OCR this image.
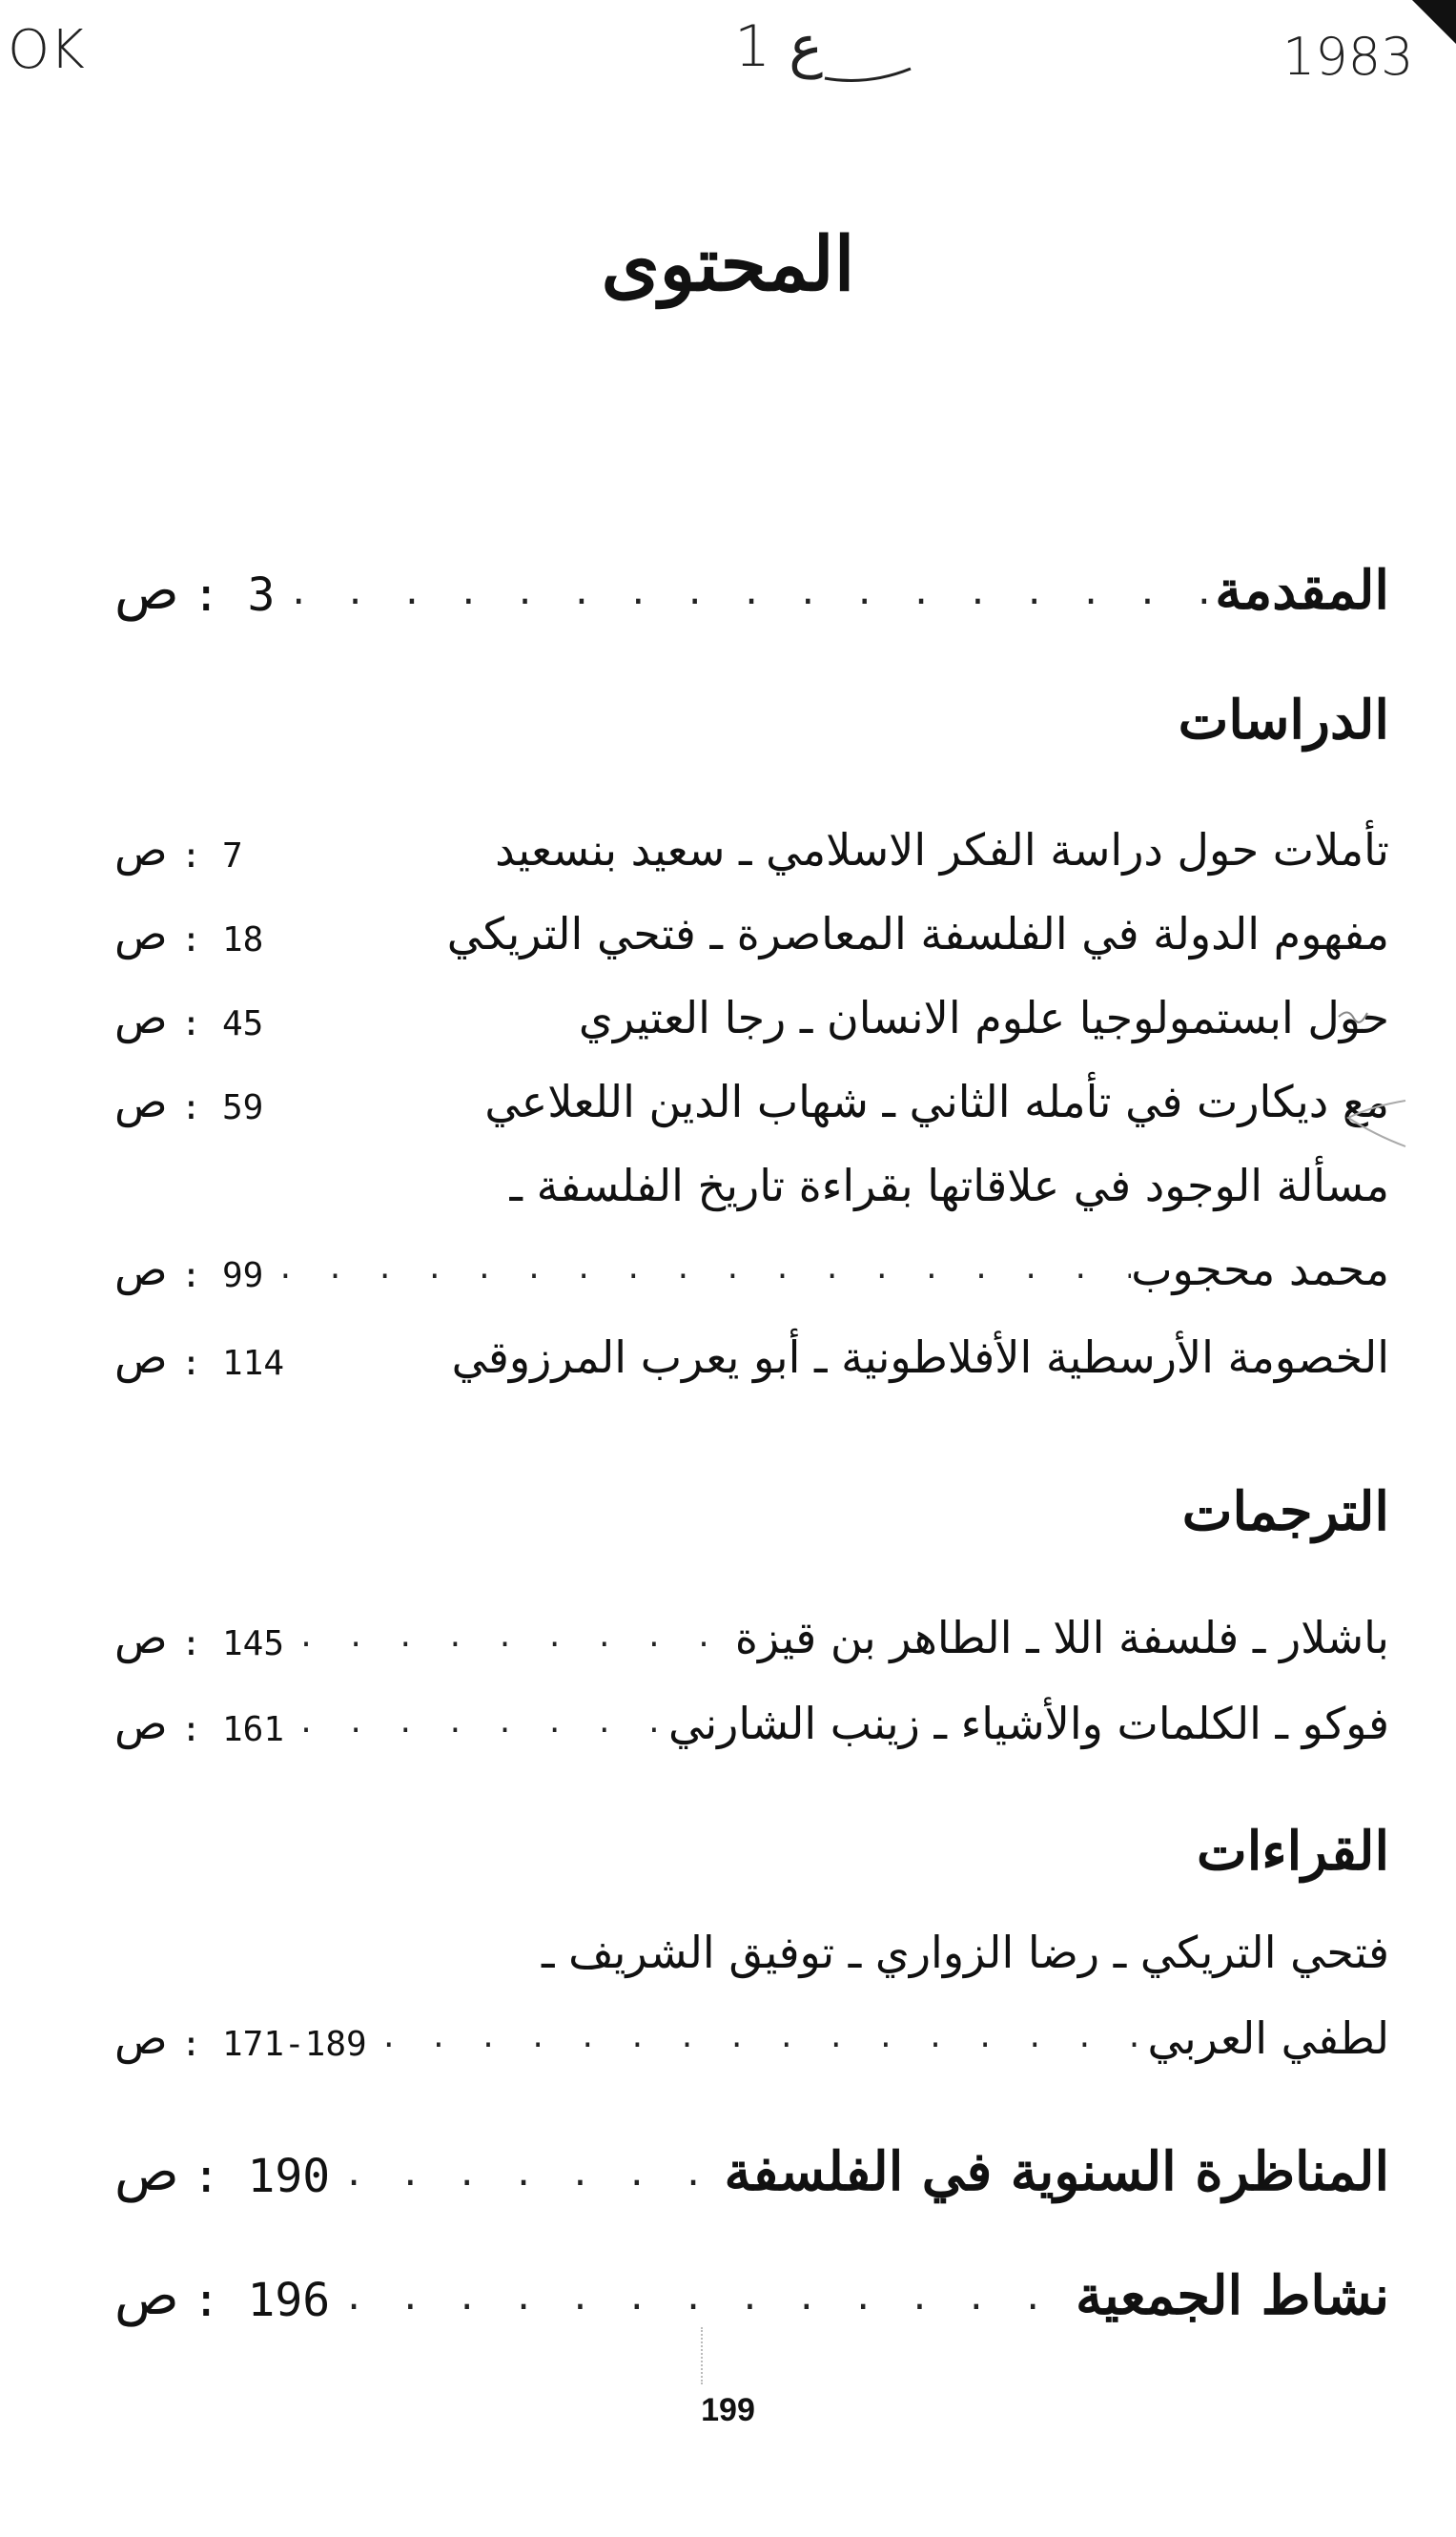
OK	1 ع	1983
المحتوى
المقدمة
. . .
ص : 3
الدراسات
تأملات حول دراسة الفكر الاسلامي ـ سعيد بنسعيد
ص : 7
مفهوم الدولة في الفلسفة المعاصرة ـ فتحي التريكي
ص : 18
حول ابستمولوجيا علوم الانسان ـ رجا العتيري
ص : 45
مع ديكارت في تأمله الثاني ـ شهاب الدين اللعلاعي
ص : 59
مسألة الوجود في علاقاتها بقراءة تاريخ الفلسفة ـ
محمد محجوب
. . .
ص : 99
الخصومة الأرسطية الأفلاطونية ـ أبو يعرب المرزوقي
ص : 114
الترجمات
باشلار ـ فلسفة اللا ـ الطاهر بن قيزة
. . .
ص : 145
فوكو ـ الكلمات والأشياء ـ زينب الشارني
. . .
ص : 161
القراءات
فتحي التريكي ـ رضا الزواري ـ توفيق الشريف ـ
لطفي العربي
. . .
ص : 171-189
المناظرة السنوية في الفلسفة
. . .
ص : 190
نشاط الجمعية
. . .
ص : 196
199
